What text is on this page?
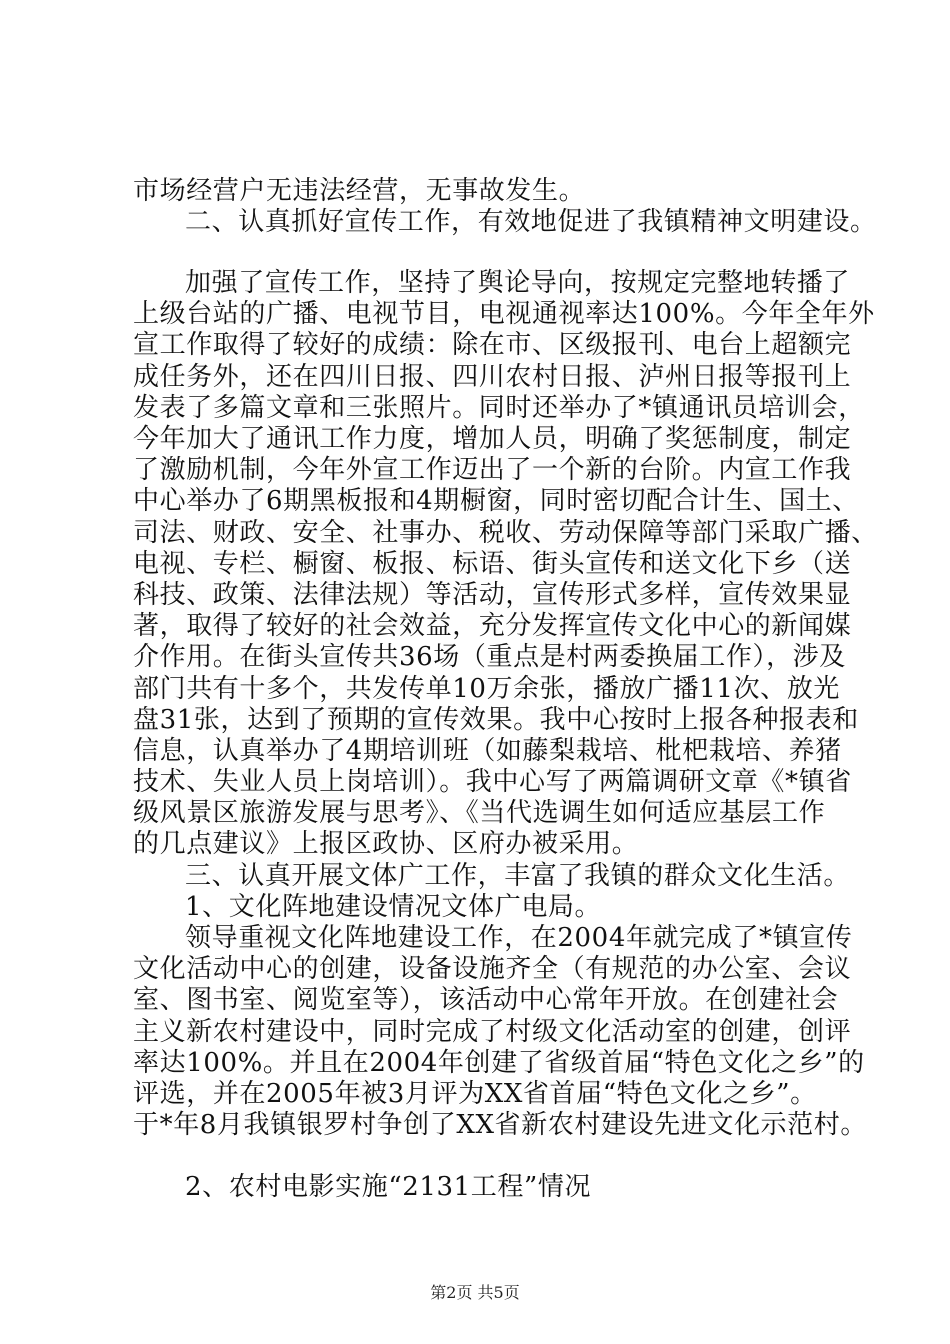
市场经营户无违法经营，无事故发生。
二、认真抓好宣传工作，有效地促进了我镇精神文明建设。
加强了宣传工作，坚持了舆论导向，按规定完整地转播了
上级台站的广播、电视节目，电视通视率达100%。今年全年外
宣工作取得了较好的成绩：除在市、区级报刊、电台上超额完
成任务外，还在四川日报、四川农村日报、泸州日报等报刊上
发表了多篇文章和三张照片。同时还举办了*镇通讯员培训会，
今年加大了通讯工作力度，增加人员，明确了奖惩制度，制定
了激励机制，今年外宣工作迈出了一个新的台阶。内宣工作我
中心举办了6期黑板报和4期橱窗，同时密切配合计生、国土、
司法、财政、安全、社事办、税收、劳动保障等部门采取广播、
电视、专栏、橱窗、板报、标语、街头宣传和送文化下乡（送
科技、政策、法律法规）等活动，宣传形式多样，宣传效果显
著，取得了较好的社会效益，充分发挥宣传文化中心的新闻媒
介作用。在街头宣传共36场（重点是村两委换届工作），涉及
部门共有十多个，共发传单10万余张，播放广播11次、放光
盘31张，达到了预期的宣传效果。我中心按时上报各种报表和
信息，认真举办了4期培训班（如藤梨栽培、枇杷栽培、养猪
技术、失业人员上岗培训）。我中心写了两篇调研文章《*镇省
级风景区旅游发展与思考》、《当代选调生如何适应基层工作
的几点建议》上报区政协、区府办被采用。
三、认真开展文体广工作，丰富了我镇的群众文化生活。
1、文化阵地建设情况文体广电局。
领导重视文化阵地建设工作，在2004年就完成了*镇宣传
文化活动中心的创建，设备设施齐全（有规范的办公室、会议
室、图书室、阅览室等），该活动中心常年开放。在创建社会
主义新农村建设中，同时完成了村级文化活动室的创建，创评
率达100%。并且在2004年创建了省级首届“特色文化之乡”的
评选，并在2005年被3月评为XX省首届“特色文化之乡”。
于*年8月我镇银罗村争创了XX省新农村建设先进文化示范村。
2、农村电影实施“2131工程”情况
第2页 共5页
